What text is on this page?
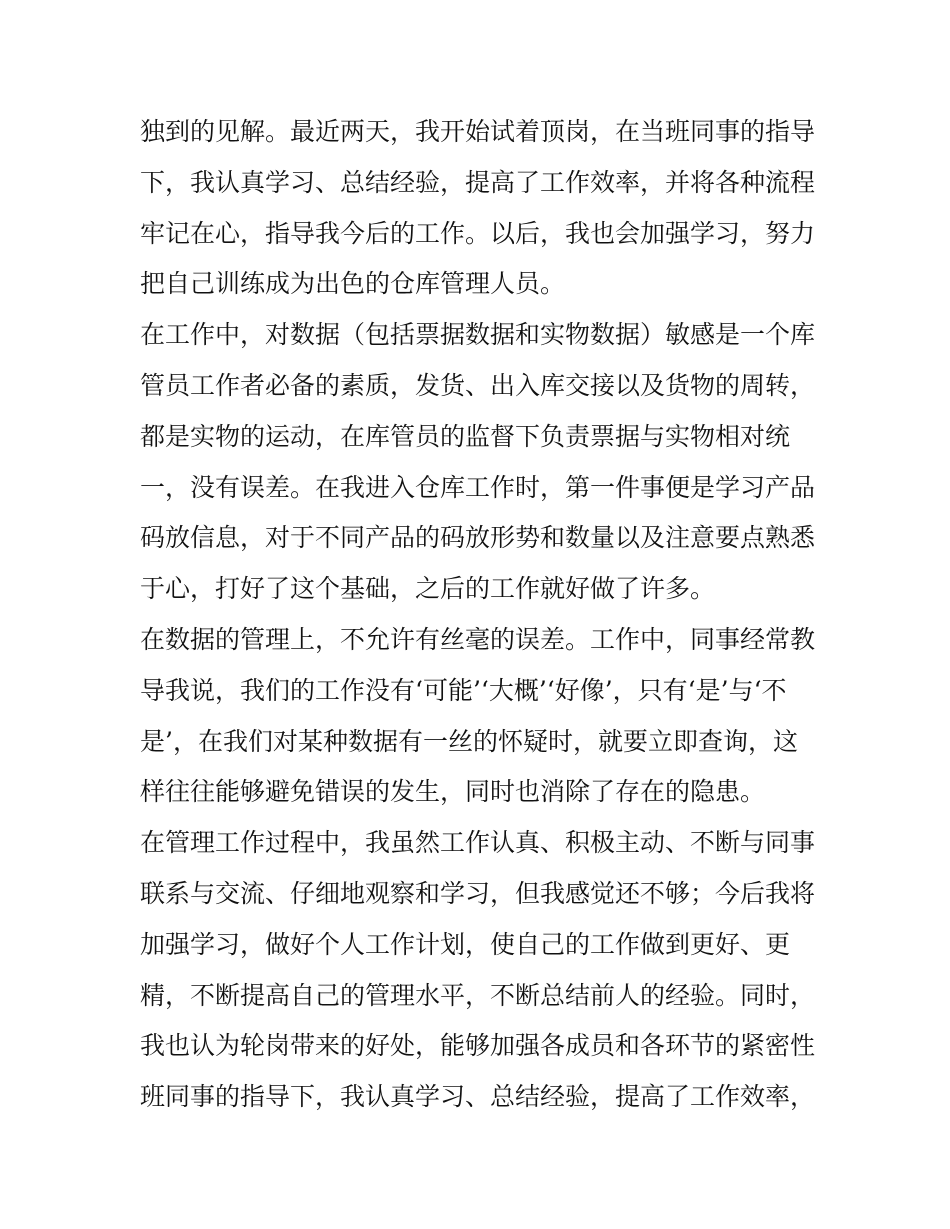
独到的见解。最近两天，我开始试着顶岗，在当班同事的指导
下，我认真学习、总结经验，提高了工作效率，并将各种流程
牢记在心，指导我今后的工作。以后，我也会加强学习，努力
把自己训练成为出色的仓库管理人员。
在工作中，对数据（包括票据数据和实物数据）敏感是一个库
管员工作者必备的素质，发货、出入库交接以及货物的周转，
都是实物的运动，在库管员的监督下负责票据与实物相对统
一，没有误差。在我进入仓库工作时，第一件事便是学习产品
码放信息，对于不同产品的码放形势和数量以及注意要点熟悉
于心，打好了这个基础，之后的工作就好做了许多。
在数据的管理上，不允许有丝毫的误差。工作中，同事经常教
导我说，我们的工作没有‘可能’‘大概’‘好像’，只有‘是’与‘不
是’，在我们对某种数据有一丝的怀疑时，就要立即查询，这
样往往能够避免错误的发生，同时也消除了存在的隐患。
在管理工作过程中，我虽然工作认真、积极主动、不断与同事
联系与交流、仔细地观察和学习，但我感觉还不够；今后我将
加强学习，做好个人工作计划，使自己的工作做到更好、更
精，不断提高自己的管理水平，不断总结前人的经验。同时，
我也认为轮岗带来的好处，能够加强各成员和各环节的紧密性
班同事的指导下，我认真学习、总结经验，提高了工作效率，
